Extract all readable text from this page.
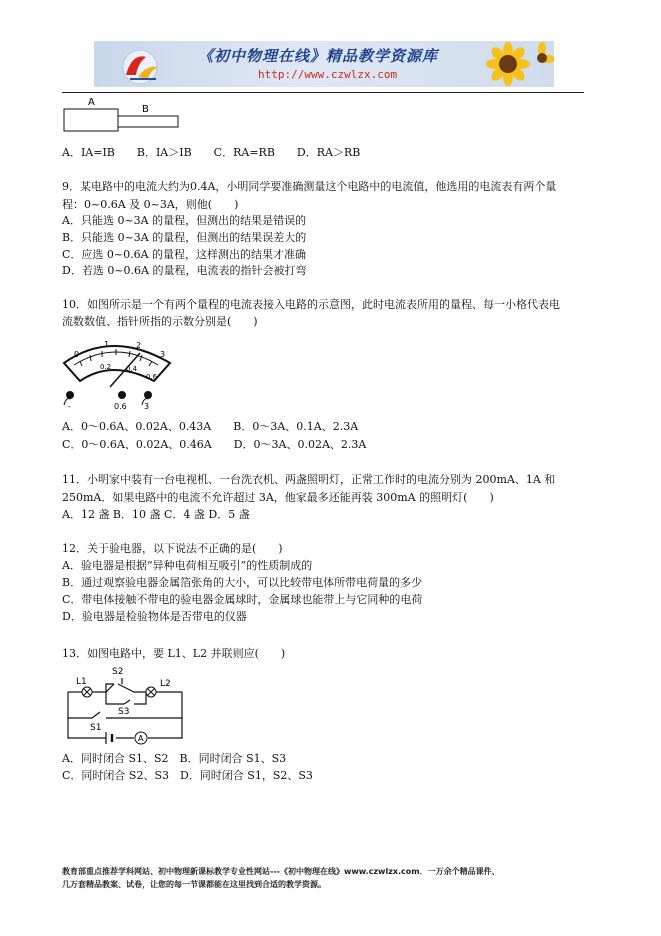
《初中物理在线》精品教学资源库
http://www.czwlzx.com
A
B
A．IA=IB　　B．IA＞IB　　C．RA=RB　　D．RA＞RB
9．某电路中的电流大约为0.4A，小明同学要准确测量这个电路中的电流值，他选用的电流表有两个量
程：0~0.6A 及 0~3A，则他(　　)
A．只能选 0~3A 的量程，但测出的结果是错误的
B．只能选 0~3A 的量程，但测出的结果误差大的
C．应选 0~0.6A 的量程，这样测出的结果才准确
D．若选 0~0.6A 的量程，电流表的指针会被打弯
10．如图所示是一个有两个量程的电流表接入电路的示意图，此时电流表所用的量程、每一小格代表电
流数数值、指针所指的示数分别是(　　)
0
1	2
3
0.2 0.4
0.6
-	0.6 3
A．0～0.6A、0.02A、0.43A　　B．0～3A、0.1A、2.3A
C．0～0.6A、0.02A、0.46A　　D．0～3A、0.02A、2.3A
11．小明家中装有一台电视机、一台洗衣机、两盏照明灯，正常工作时的电流分别为 200mA、1A 和
250mA．如果电路中的电流不允许超过 3A，他家最多还能再装 300mA 的照明灯(　　)
A．12 盏 B．10 盏 C．4 盏 D．5 盏
12．关于验电器，以下说法不正确的是(　　)
A．验电器是根据“异种电荷相互吸引”的性质制成的
B．通过观察验电器金属箔张角的大小，可以比较带电体所带电荷量的多少
C．带电体接触不带电的验电器金属球时，金属球也能带上与它同种的电荷
D．验电器是检验物体是否带电的仪器
13．如图电路中，要 L1、L2 并联则应(　　)
A
S2
L1	L2
S3
S1
A．同时闭合 S1、S2　B．同时闭合 S1、S3
C．同时闭合 S2、S3　D．同时闭合 S1，S2、S3
教育部重点推荐学科网站、初中物理新课标教学专业性网站---《初中物理在线》www.czwlzx.com．一万余个精品课件、
几万套精品教案、试卷，让您的每一节课都能在这里找到合适的教学资源。
